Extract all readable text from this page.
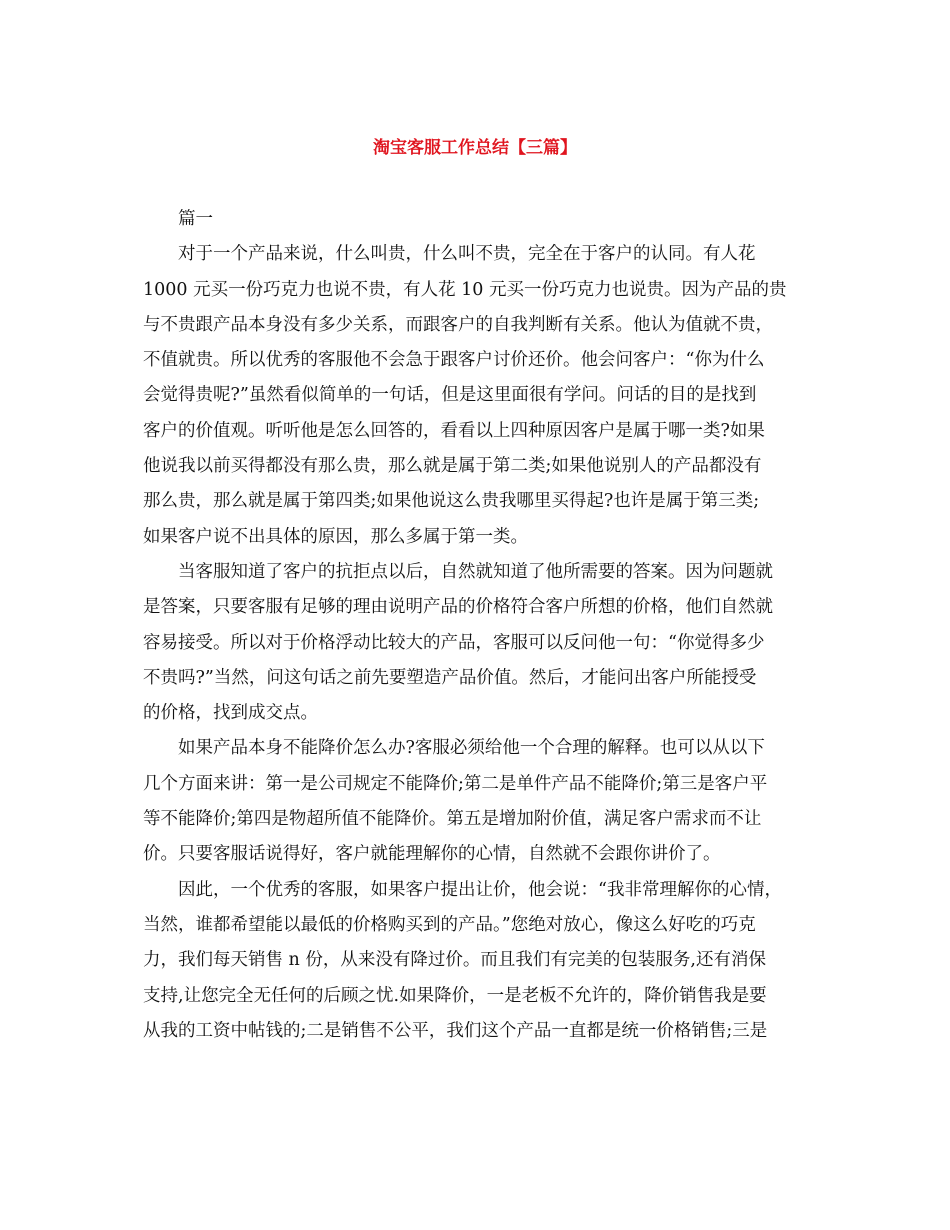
淘宝客服工作总结【三篇】

篇一

对于一个产品来说，什么叫贵，什么叫不贵，完全在于客户的认同。有人花
1000 元买一份巧克力也说不贵，有人花 10 元买一份巧克力也说贵。因为产品的贵
与不贵跟产品本身没有多少关系，而跟客户的自我判断有关系。他认为值就不贵，
不值就贵。所以优秀的客服他不会急于跟客户讨价还价。他会问客户：“你为什么
会觉得贵呢?”虽然看似简单的一句话，但是这里面很有学问。问话的目的是找到
客户的价值观。听听他是怎么回答的，看看以上四种原因客户是属于哪一类?如果
他说我以前买得都没有那么贵，那么就是属于第二类;如果他说别人的产品都没有
那么贵，那么就是属于第四类;如果他说这么贵我哪里买得起?也许是属于第三类;
如果客户说不出具体的原因，那么多属于第一类。

当客服知道了客户的抗拒点以后，自然就知道了他所需要的答案。因为问题就
是答案，只要客服有足够的理由说明产品的价格符合客户所想的价格，他们自然就
容易接受。所以对于价格浮动比较大的产品，客服可以反问他一句：“你觉得多少
不贵吗?”当然，问这句话之前先要塑造产品价值。然后，才能问出客户所能授受
的价格，找到成交点。

如果产品本身不能降价怎么办?客服必须给他一个合理的解释。也可以从以下
几个方面来讲：第一是公司规定不能降价;第二是单件产品不能降价;第三是客户平
等不能降价;第四是物超所值不能降价。第五是增加附价值，满足客户需求而不让
价。只要客服话说得好，客户就能理解你的心情，自然就不会跟你讲价了。

因此，一个优秀的客服，如果客户提出让价，他会说：“我非常理解你的心情，
当然，谁都希望能以最低的价格购买到的产品。”您绝对放心，像这么好吃的巧克
力，我们每天销售 n 份，从来没有降过价。而且我们有完美的包装服务,还有消保
支持,让您完全无任何的后顾之忧.如果降价，一是老板不允许的，降价销售我是要
从我的工资中帖钱的;二是销售不公平，我们这个产品一直都是统一价格销售;三是
